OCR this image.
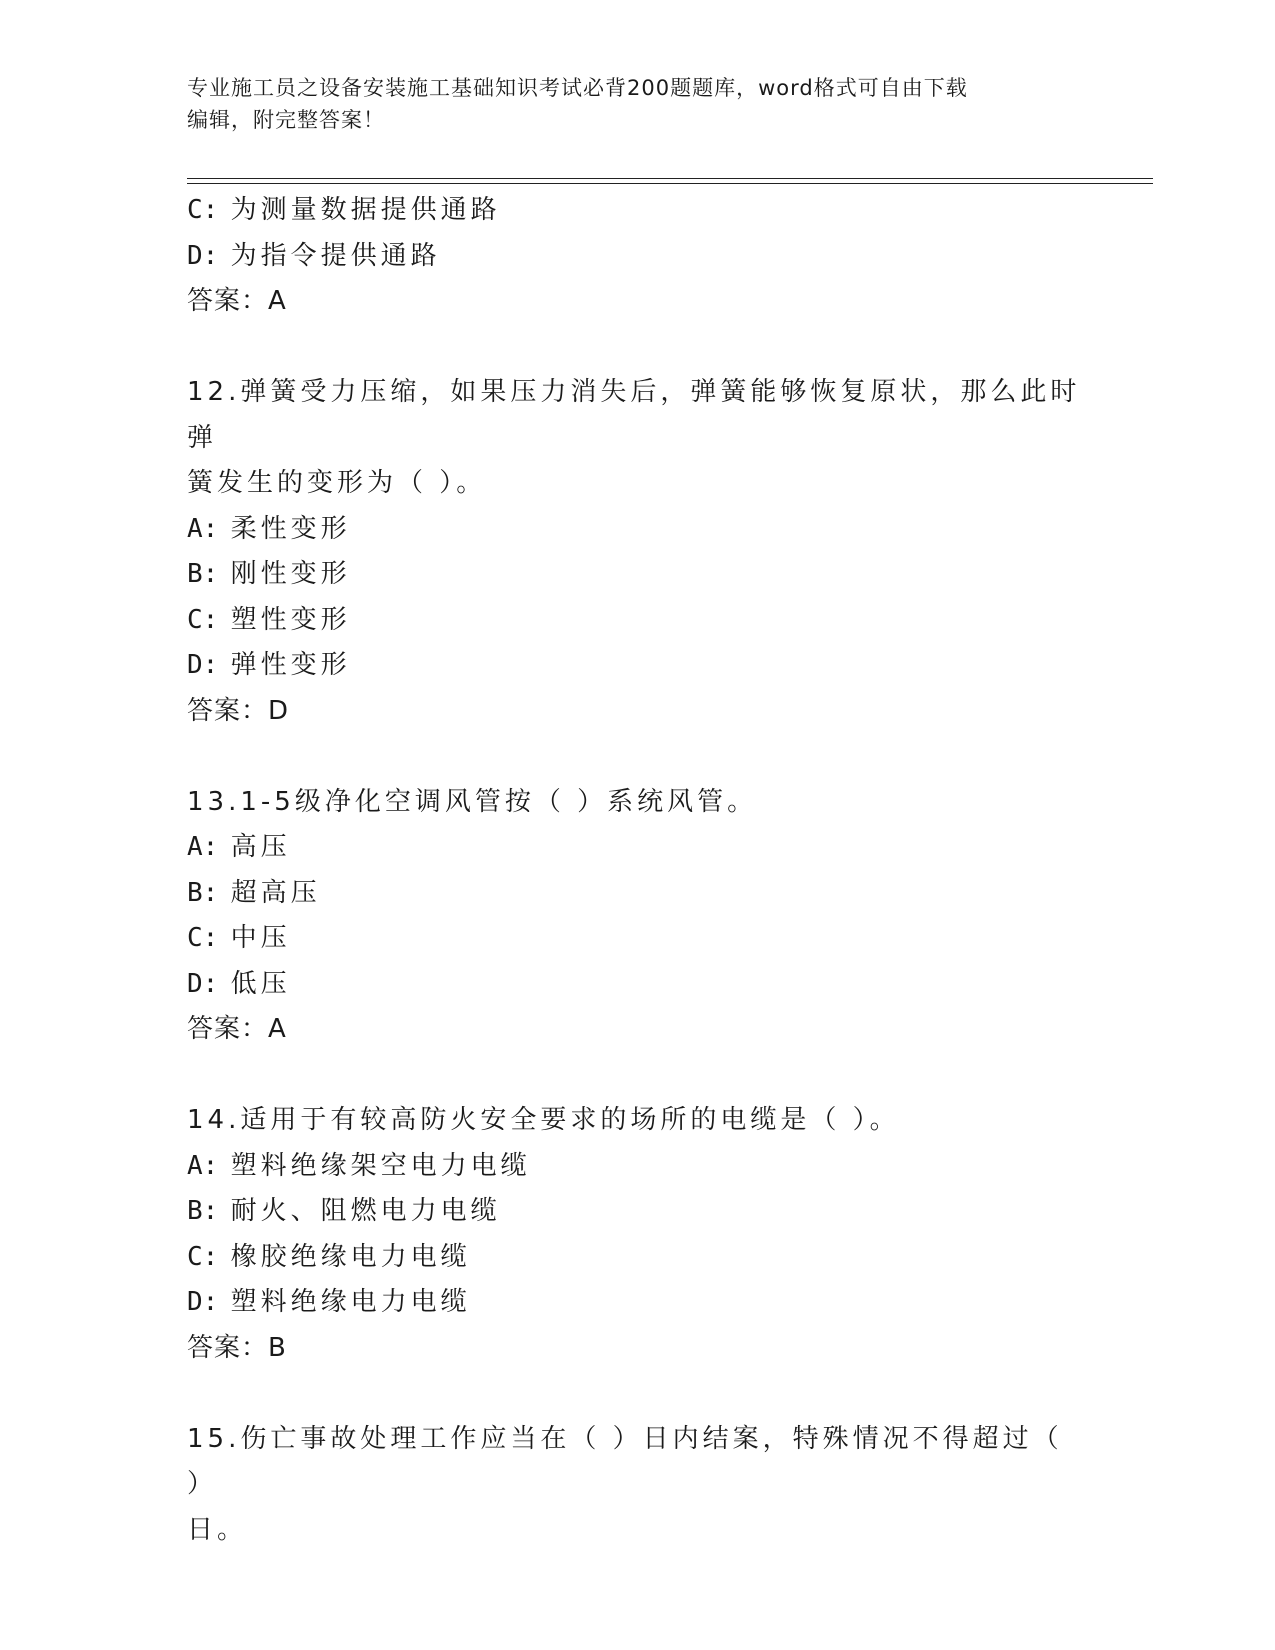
专业施工员之设备安装施工基础知识考试必背200题题库，word格式可自由下载
编辑，附完整答案！
C: 为测量数据提供通路
D: 为指令提供通路
答案：A
12.弹簧受力压缩，如果压力消失后，弹簧能够恢复原状，那么此时弹
簧发生的变形为（ ）。
A: 柔性变形
B: 刚性变形
C: 塑性变形
D: 弹性变形
答案：D
13.1-5级净化空调风管按（ ）系统风管。
A: 高压
B: 超高压
C: 中压
D: 低压
答案：A
14.适用于有较高防火安全要求的场所的电缆是（ ）。
A: 塑料绝缘架空电力电缆
B: 耐火、阻燃电力电缆
C: 橡胶绝缘电力电缆
D: 塑料绝缘电力电缆
答案：B
15.伤亡事故处理工作应当在（ ）日内结案，特殊情况不得超过（ ）
日。
